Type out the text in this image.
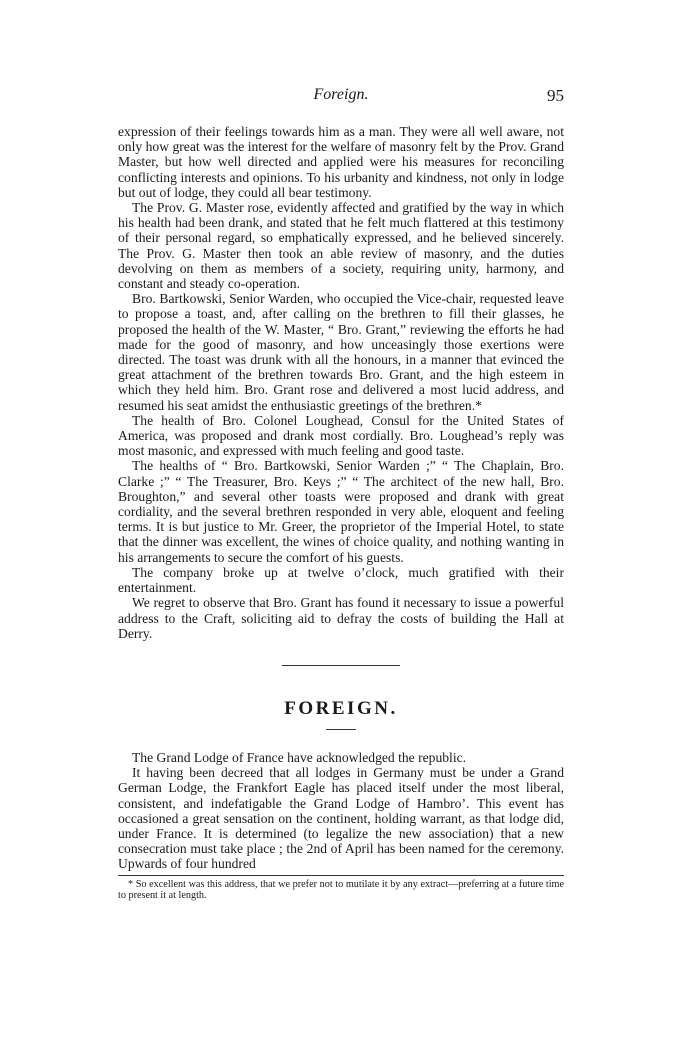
Foreign.	95

expression of their feelings towards him as a man. They were all well aware, not only how great was the interest for the welfare of masonry felt by the Prov. Grand Master, but how well directed and applied were his measures for reconciling conflicting interests and opinions. To his urbanity and kindness, not only in lodge but out of lodge, they could all bear testimony.

The Prov. G. Master rose, evidently affected and gratified by the way in which his health had been drank, and stated that he felt much flattered at this testimony of their personal regard, so emphatically expressed, and he believed sincerely. The Prov. G. Master then took an able review of masonry, and the duties devolving on them as members of a society, requiring unity, harmony, and constant and steady co-operation.

Bro. Bartkowski, Senior Warden, who occupied the Vice-chair, requested leave to propose a toast, and, after calling on the brethren to fill their glasses, he proposed the health of the W. Master, “ Bro. Grant,” reviewing the efforts he had made for the good of masonry, and how unceasingly those exertions were directed. The toast was drunk with all the honours, in a manner that evinced the great attachment of the brethren towards Bro. Grant, and the high esteem in which they held him. Bro. Grant rose and delivered a most lucid address, and resumed his seat amidst the enthusiastic greetings of the brethren.*

The health of Bro. Colonel Loughead, Consul for the United States of America, was proposed and drank most cordially. Bro. Loughead’s reply was most masonic, and expressed with much feeling and good taste.

The healths of “ Bro. Bartkowski, Senior Warden ;” “ The Chaplain, Bro. Clarke ;” “ The Treasurer, Bro. Keys ;” “ The architect of the new hall, Bro. Broughton,” and several other toasts were proposed and drank with great cordiality, and the several brethren responded in very able, eloquent and feeling terms. It is but justice to Mr. Greer, the proprietor of the Imperial Hotel, to state that the dinner was excellent, the wines of choice quality, and nothing wanting in his arrangements to secure the comfort of his guests.

The company broke up at twelve o’clock, much gratified with their entertainment.

We regret to observe that Bro. Grant has found it necessary to issue a powerful address to the Craft, soliciting aid to defray the costs of building the Hall at Derry.

FOREIGN.

The Grand Lodge of France have acknowledged the republic.

It having been decreed that all lodges in Germany must be under a Grand German Lodge, the Frankfort Eagle has placed itself under the most liberal, consistent, and indefatigable the Grand Lodge of Hambro’. This event has occasioned a great sensation on the continent, holding warrant, as that lodge did, under France. It is determined (to legalize the new association) that a new consecration must take place ; the 2nd of April has been named for the ceremony. Upwards of four hundred

* So excellent was this address, that we prefer not to mutilate it by any extract—preferring at a future time to present it at length.
